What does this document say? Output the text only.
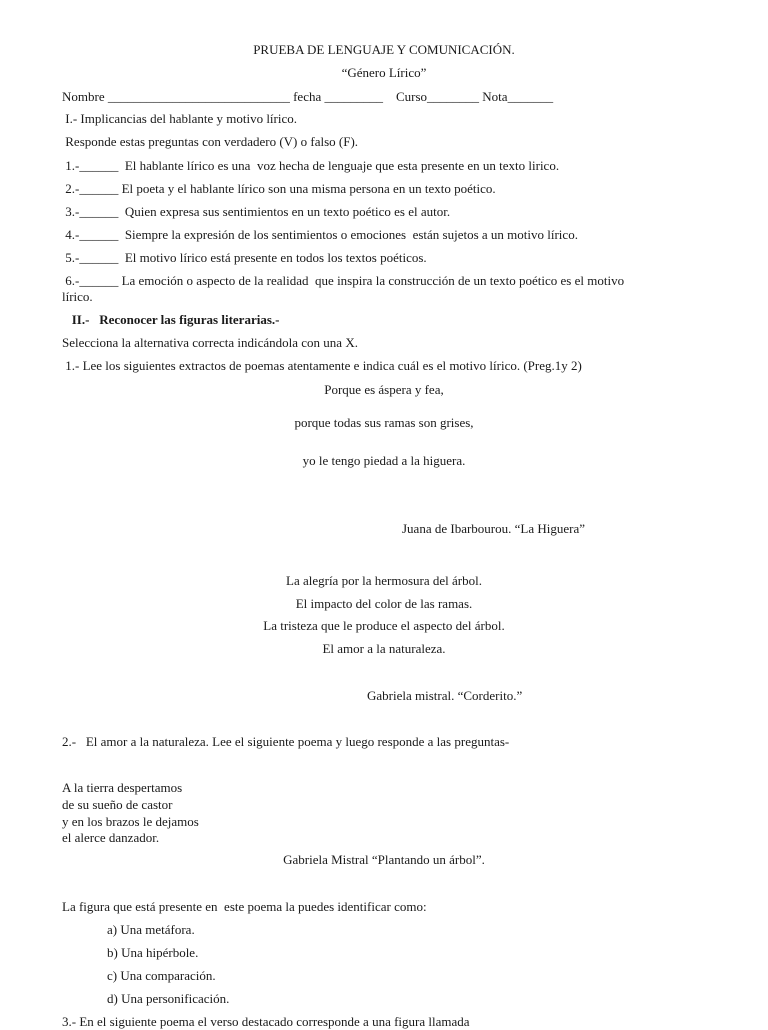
PRUEBA DE LENGUAJE Y COMUNICACIÓN.
“Género Lírico”
Nombre ____________________________ fecha _________    Curso________ Nota_______
I.- Implicancias del hablante y motivo lírico.
Responde estas preguntas con verdadero (V) o falso (F).
1.-______  El hablante lírico es una  voz hecha de lenguaje que esta presente en un texto lirico.
2.-______ El poeta y el hablante lírico son una misma persona en un texto poético.
3.-______  Quien expresa sus sentimientos en un texto poético es el autor.
4.-______  Siempre la expresión de los sentimientos o emociones  están sujetos a un motivo lírico.
5.-______  El motivo lírico está presente en todos los textos poéticos.
6.-______ La emoción o aspecto de la realidad  que inspira la construcción de un texto poético es el motivo
lírico.
II.-   Reconocer las figuras literarias.-
Selecciona la alternativa correcta indicándola con una X.
1.- Lee los siguientes extractos de poemas atentamente e indica cuál es el motivo lírico. (Preg.1y 2)
Porque es áspera y fea,
porque todas sus ramas son grises,
yo le tengo piedad a la higuera.
Juana de Ibarbourou. “La Higuera”
La alegría por la hermosura del árbol.
El impacto del color de las ramas.
La tristeza que le produce el aspecto del árbol.
El amor a la naturaleza.
Gabriela mistral. “Corderito.”
2.-   El amor a la naturaleza. Lee el siguiente poema y luego responde a las preguntas-
A la tierra despertamos
de su sueño de castor
y en los brazos le dejamos
el alerce danzador.
Gabriela Mistral “Plantando un árbol”.
La figura que está presente en  este poema la puedes identificar como:
a) Una metáfora.
b) Una hipérbole.
c) Una comparación.
d) Una personificación.
3.- En el siguiente poema el verso destacado corresponde a una figura llamada
